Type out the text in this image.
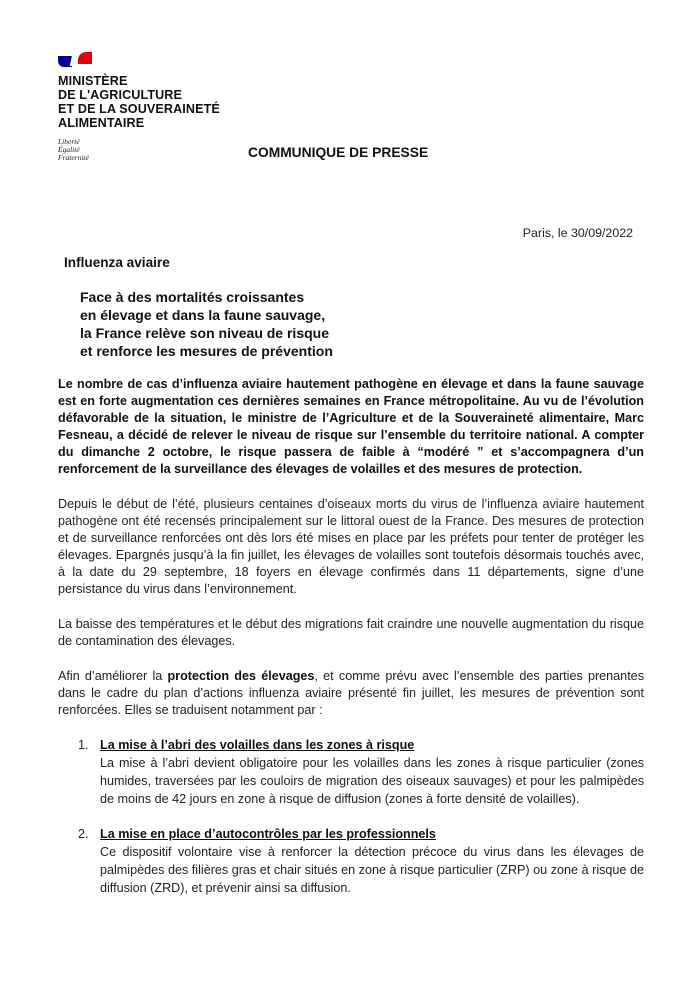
MINISTÈRE
DE L'AGRICULTURE
ET DE LA SOUVERAINETÉ
ALIMENTAIRE
Liberté
Égalité
Fraternité	COMMUNIQUE DE PRESSE
Paris, le 30/09/2022
Influenza aviaire
Face à des mortalités croissantes
en élevage et dans la faune sauvage,
la France relève son niveau de risque
et renforce les mesures de prévention

Le nombre de cas d’influenza aviaire hautement pathogène en élevage et dans la faune sauvage est en forte augmentation ces dernières semaines en France métropolitaine. Au vu de l’évolution défavorable de la situation, le ministre de l’Agriculture et de la Souveraineté alimentaire, Marc Fesneau, a décidé de relever le niveau de risque sur l’ensemble du territoire national. A compter du dimanche 2 octobre, le risque passera de faible à “modéré ” et s’accompagnera d’un renforcement de la surveillance des élevages de volailles et des mesures de protection.

Depuis le début de l’été, plusieurs centaines d’oiseaux morts du virus de l’influenza aviaire hautement pathogène ont été recensés principalement sur le littoral ouest de la France. Des mesures de protection et de surveillance renforcées ont dès lors été mises en place par les préfets pour tenter de protéger les élevages. Epargnés jusqu’à la fin juillet, les élevages de volailles sont toutefois désormais touchés avec, à la date du 29 septembre, 18 foyers en élevage confirmés dans 11 départements, signe d’une persistance du virus dans l’environnement.

La baisse des températures et le début des migrations fait craindre une nouvelle augmentation du risque de contamination des élevages.

Afin d’améliorer la protection des élevages, et comme prévu avec l’ensemble des parties prenantes dans le cadre du plan d’actions influenza aviaire présenté fin juillet, les mesures de prévention sont renforcées. Elles se traduisent notamment par :

1. La mise à l’abri des volailles dans les zones à risque
La mise à l’abri devient obligatoire pour les volailles dans les zones à risque particulier (zones humides, traversées par les couloirs de migration des oiseaux sauvages) et pour les palmipèdes de moins de 42 jours en zone à risque de diffusion (zones à forte densité de volailles).
2. La mise en place d’autocontrôles par les professionnels
Ce dispositif volontaire vise à renforcer la détection précoce du virus dans les élevages de palmipèdes des filières gras et chair situés en zone à risque particulier (ZRP) ou zone à risque de diffusion (ZRD), et prévenir ainsi sa diffusion.
